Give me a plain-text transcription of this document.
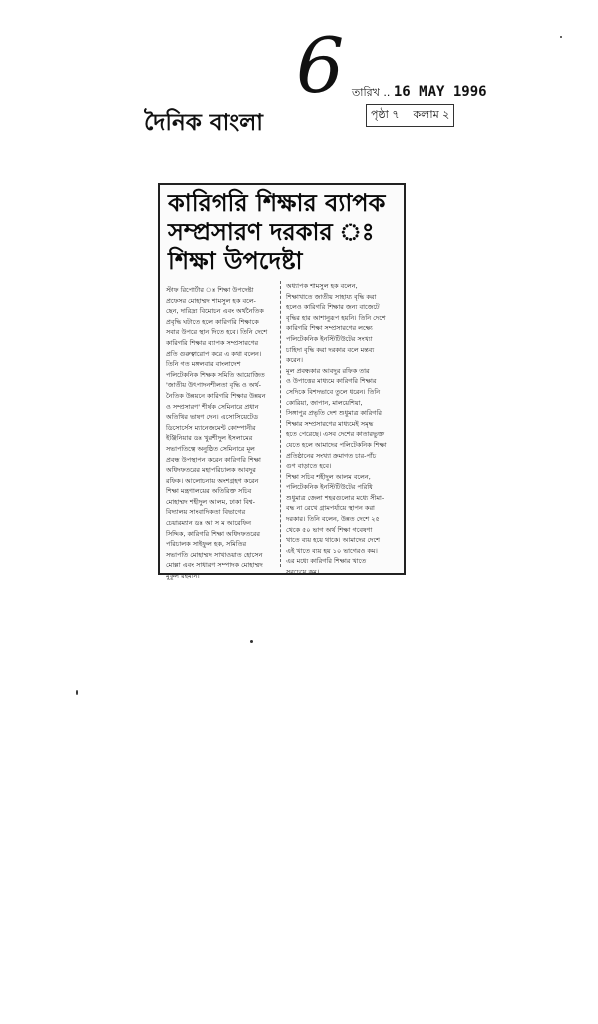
6
দৈনিক বাংলা
তারিখ .. 16 MAY 1996
পৃষ্ঠা ৭ কলাম ২
কারিগরি শিক্ষার ব্যাপক
সম্প্রসারণ দরকার ঃ
শিক্ষা উপদেষ্টা

স্টাফ রিপোর্টার ঃ শিক্ষা উপদেষ্টা

প্রফেসর মোহাম্মদ শামসুল হক বলে-

ছেন, দারিদ্র্য বিমোচন এবং অর্থনৈতিক

প্রবৃদ্ধি ঘটাতে হলে কারিগরি শিক্ষাকে

সবার উপরে স্থান দিতে হবে। তিনি দেশে

কারিগরি শিক্ষার ব্যাপক সম্প্রসারণের

প্রতি গুরুত্বারোপ করে এ কথা বলেন।

তিনি গত মঙ্গলবার বাংলাদেশ

পলিটেকনিক শিক্ষক সমিতি আয়োজিত

'জাতীয় উৎপাদনশীলতা বৃদ্ধি ও অর্থ-

নৈতিক উন্নয়নে কারিগরি শিক্ষার উন্নয়ন

ও সম্প্রসারণ' শীর্ষক সেমিনারে প্রধান

অতিথির ভাষণ দেন। এসোসিয়েটেড

ডিসোর্সেস ম্যানেজমেন্ট কোম্পানীর

ইঞ্জিনিয়ার ডঃ খুরশীদুল ইসলামের

সভাপতিত্বে অনুষ্ঠিত সেমিনারে মূল

প্রবন্ধ উপস্থাপন করেন কারিগরি শিক্ষা

অধিদফতরের মহাপরিচালক আবদুর

রফিক। আলোচনায় অংশগ্রহণ করেন

শিক্ষা মন্ত্রণালয়ের অতিরিক্ত সচিব

মোহাম্মদ শহীদুল আলম, ঢাকা বিশ্ব-

বিদ্যালয় সাংবাদিকতা বিভাগের

চেয়ারম্যান ডঃ আ স ম আরেফিন

সিদ্দিক, কারিগরি শিক্ষা অধিদফতরের

পরিচালক সাইফুল হক, সমিতির

সভাপতি মোহাম্মদ সাখাওয়াত হোসেন

মোল্লা এবং সাধারণ সম্পাদক মোহাম্মদ

মুকুল রহমান।

অধ্যাপক শামসুল হক বলেন,

শিক্ষাখাতে জাতীয় সাহায্য বৃদ্ধি করা

হলেও কারিগরি শিক্ষার জন্য বাজেটে

বৃদ্ধির হার আশানুরূপ হয়নি। তিনি দেশে

কারিগরি শিক্ষা সম্প্রসারণের লক্ষ্যে

পলিটেকনিক ইনস্টিটিউটের সংখ্যা

চাহিদা বৃদ্ধি করা দরকার বলে মন্তব্য

করেন।

মূল প্রবন্ধকার আবদুর রফিক তার

ও উপাত্তের মাধ্যমে কারিগরি শিক্ষার

সেদিকে বিশদভাবে তুলে ধরেন। তিনি

কোরিয়া, জাপান, মালয়েশিয়া,

সিঙ্গাপুর প্রভৃতি দেশ শুধুমাত্র কারিগরি

শিক্ষার সম্প্রসারণের মাধ্যমেই সমৃদ্ধ

হতে পেরেছে। এসব দেশের কাতারভুক্ত

যেতে হলে আমাদের পলিটেকনিক শিক্ষা

প্রতিষ্ঠানের সংখ্যা ক্রমাগত চার-পাঁচ

গুণ বাড়াতে হবে।

শিক্ষা সচিব শহীদুল আলম বলেন,

পলিটেকনিক ইনস্টিটিউটের পরিধি

শুধুমাত্র জেলা শহরগুলোর মধ্যে সীমা-

বদ্ধ না রেখে গ্রামপর্যায়ে স্থাপন করা

দরকার। তিনি বলেন, উন্নত দেশে ২৫

থেকে ৫০ ভাগ অর্থ শিক্ষা গবেষণা

খাতে ব্যয় হয়ে থাকে। আমাদের দেশে

এই খাতে ব্যয় হয় ১০ ভাগেরও কম।

এর মধ্যে কারিগরি শিক্ষার খাতে

সবচেয়ে কম।
